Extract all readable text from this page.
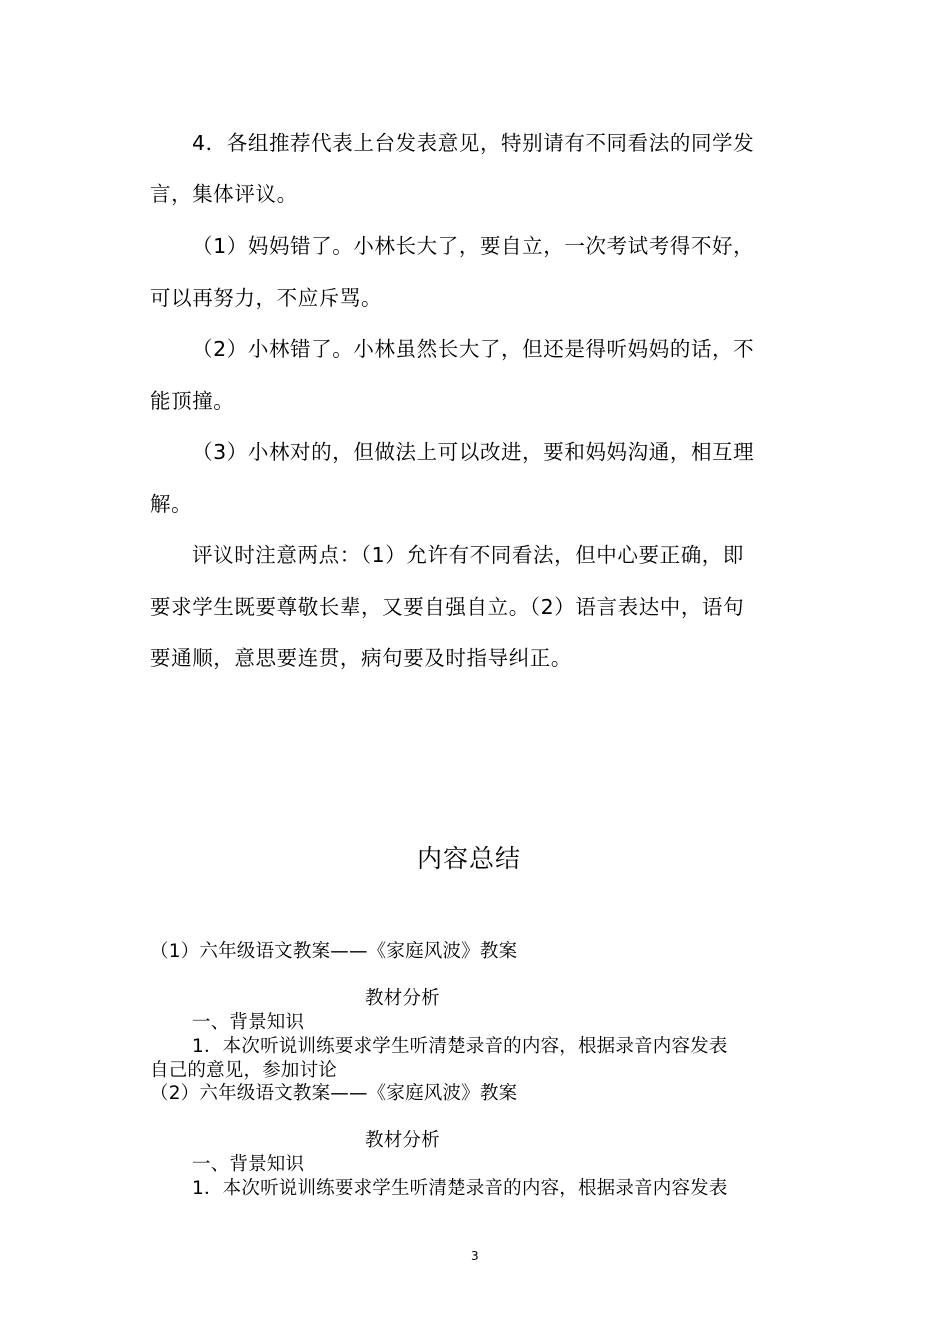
4．各组推荐代表上台发表意见，特别请有不同看法的同学发
言，集体评议。
（1）妈妈错了。小林长大了，要自立，一次考试考得不好，
可以再努力，不应斥骂。
（2）小林错了。小林虽然长大了，但还是得听妈妈的话，不
能顶撞。
（3）小林对的，但做法上可以改进，要和妈妈沟通，相互理
解。
评议时注意两点：（1）允许有不同看法，但中心要正确，即
要求学生既要尊敬长辈，又要自强自立。（2）语言表达中，语句
要通顺，意思要连贯，病句要及时指导纠正。
内容总结
（1）六年级语文教案——《家庭风波》教案
教材分析
一、背景知识
1．本次听说训练要求学生听清楚录音的内容，根据录音内容发表
自己的意见，参加讨论
（2）六年级语文教案——《家庭风波》教案
教材分析
一、背景知识
1．本次听说训练要求学生听清楚录音的内容，根据录音内容发表
3
